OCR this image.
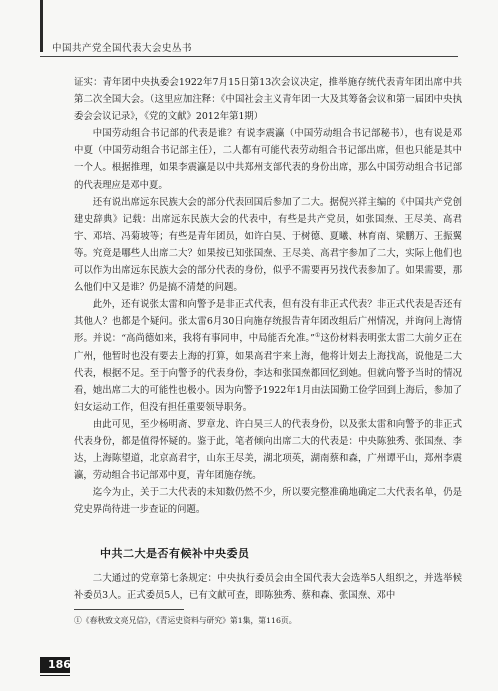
中国共产党全国代表大会史丛书

证实：青年团中央执委会1922年7月15日第13次会议决定，推举施存统代表青年团出席中共第二次全国大会。（这里应加注释：《中国社会主义青年团一大及其筹备会议和第一届团中央执委会会议记录》，《党的文献》2012年第1期）

中国劳动组合书记部的代表是谁？有说李震瀛（中国劳动组合书记部秘书），也有说是邓中夏（中国劳动组合书记部主任），二人都有可能代表劳动组合书记部出席，但也只能是其中一个人。根据推理，如果李震瀛是以中共郑州支部代表的身份出席，那么中国劳动组合书记部的代表理应是邓中夏。

还有说出席远东民族大会的部分代表回国后参加了二大。据倪兴祥主编的《中国共产党创建史辞典》记载：出席远东民族大会的代表中，有些是共产党员，如张国焘、王尽美、高君宇、邓培、冯菊坡等；有些是青年团员，如许白昊、于树德、夏曦、林育南、梁鹏万、王振翼等。究竟是哪些人出席二大？如果按已知张国焘、王尽美、高君宇参加了二大，实际上他们也可以作为出席远东民族大会的部分代表的身份，似乎不需要再另找代表参加了。如果需要，那么他们中又是谁？仍是搞不清楚的问题。

此外，还有说张太雷和向警予是非正式代表，但有没有非正式代表？非正式代表是否还有其他人？也都是个疑问。张太雷6月30日向施存统报告青年团改组后广州情况，并询问上海情形。并说：“高尚德如来，我将有事同申，中局能否允准。”①这份材料表明张太雷二大前夕正在广州，他暂时也没有要去上海的打算，如果高君宇来上海，他将计划去上海找高，说他是二大代表，根据不足。至于向警予的代表身份，李达和张国焘都回忆到她。但就向警予当时的情况看，她出席二大的可能性也极小。因为向警予1922年1月由法国勤工俭学回到上海后，参加了妇女运动工作，但没有担任重要领导职务。

由此可见，至少杨明斋、罗章龙、许白昊三人的代表身份，以及张太雷和向警予的非正式代表身份，都是值得怀疑的。鉴于此，笔者倾向出席二大的代表是：中央陈独秀、张国焘、李达，上海陈望道，北京高君宇，山东王尽美，湖北项英，湖南蔡和森，广州谭平山，郑州李震瀛，劳动组合书记部邓中夏，青年团施存统。

迄今为止，关于二大代表的未知数仍然不少，所以要完整准确地确定二大代表名单，仍是党史界尚待进一步查证的问题。

中共二大是否有候补中央委员

二大通过的党章第七条规定：中央执行委员会由全国代表大会选举5人组织之，并选举候补委员3人。正式委员5人，已有文献可查，即陈独秀、蔡和森、张国焘、邓中

①《春秋致文亮兄信》，《青运史资料与研究》第1集，第116页。
186
